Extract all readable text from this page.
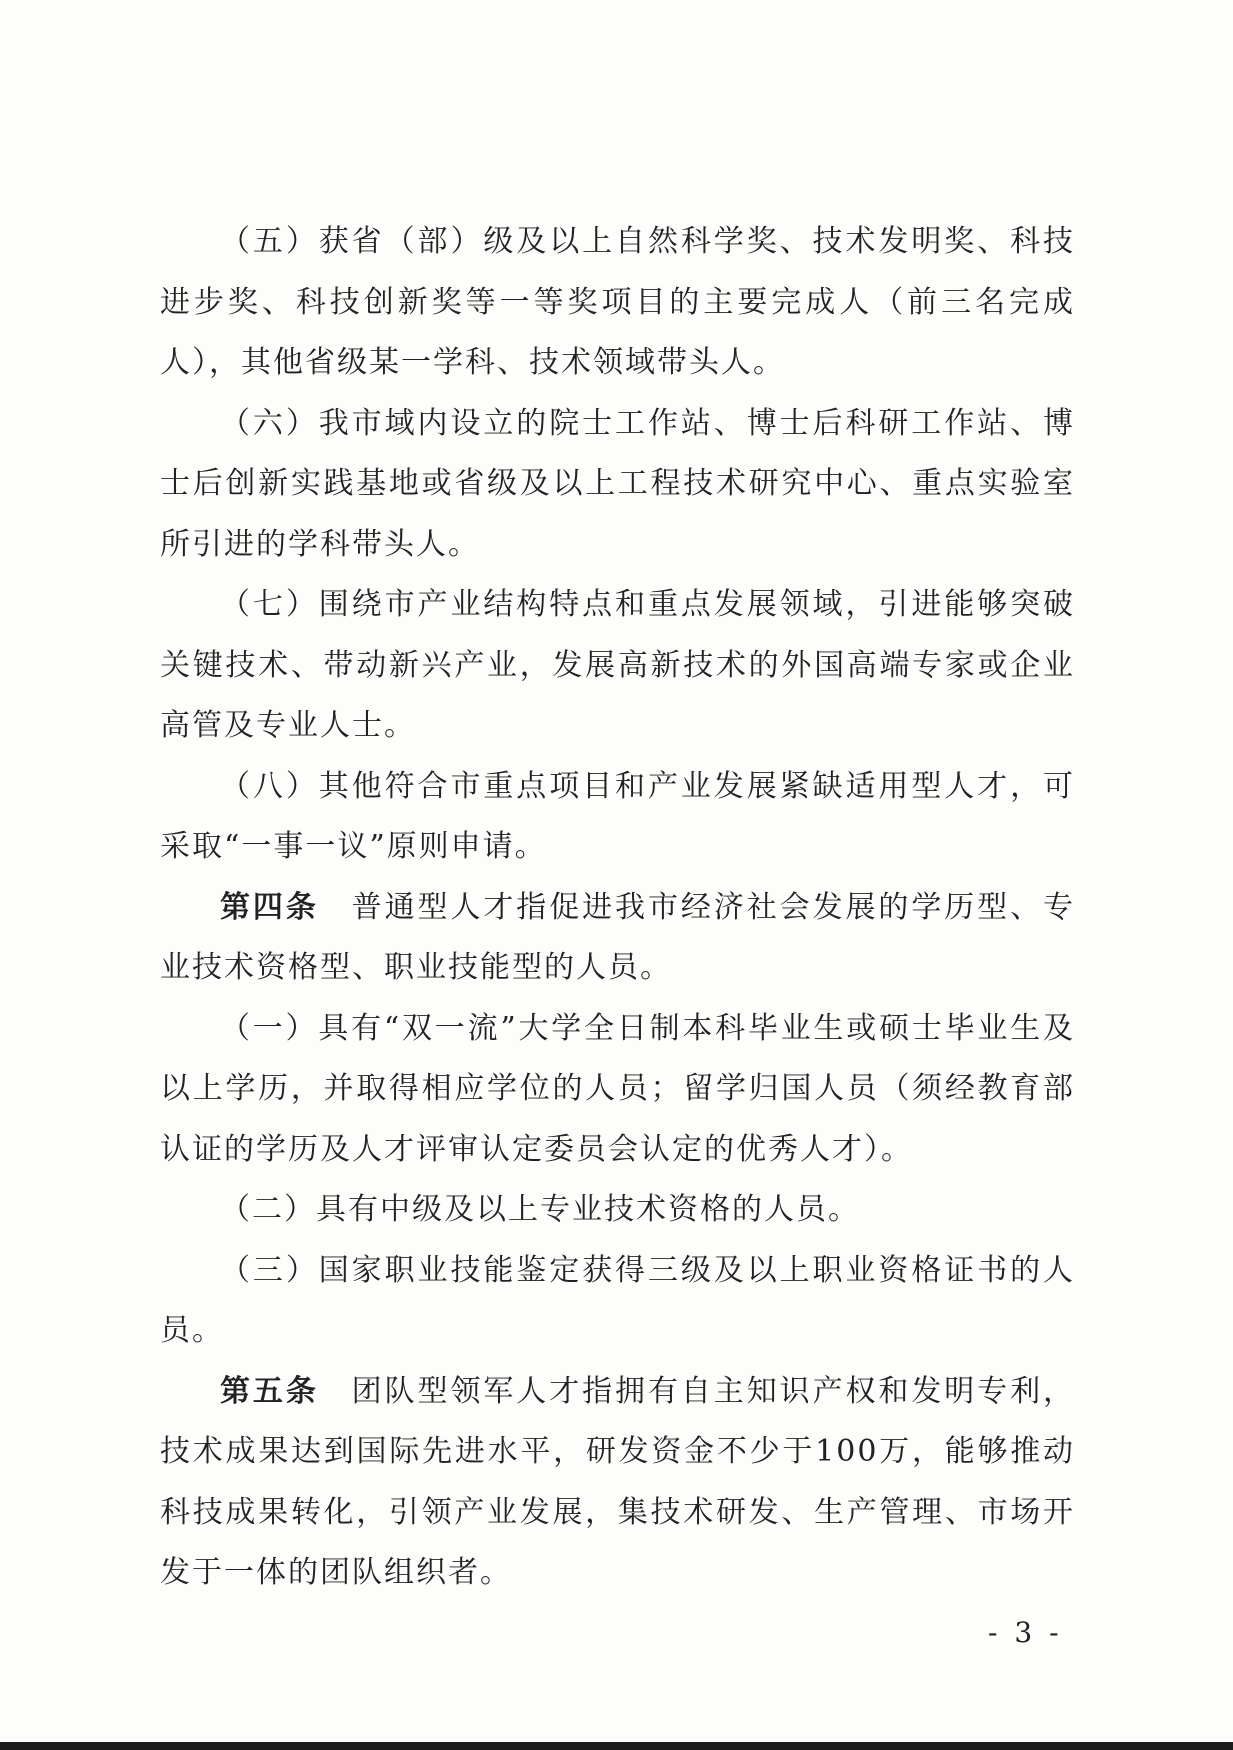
（五）获省（部）级及以上自然科学奖、技术发明奖、科技进步奖、科技创新奖等一等奖项目的主要完成人（前三名完成人），其他省级某一学科、技术领域带头人。

（六）我市域内设立的院士工作站、博士后科研工作站、博士后创新实践基地或省级及以上工程技术研究中心、重点实验室所引进的学科带头人。

（七）围绕市产业结构特点和重点发展领域，引进能够突破关键技术、带动新兴产业，发展高新技术的外国高端专家或企业高管及专业人士。

（八）其他符合市重点项目和产业发展紧缺适用型人才，可采取“一事一议”原则申请。

第四条　普通型人才指促进我市经济社会发展的学历型、专业技术资格型、职业技能型的人员。

（一）具有“双一流”大学全日制本科毕业生或硕士毕业生及以上学历，并取得相应学位的人员；留学归国人员（须经教育部认证的学历及人才评审认定委员会认定的优秀人才）。

（二）具有中级及以上专业技术资格的人员。

（三）国家职业技能鉴定获得三级及以上职业资格证书的人员。

第五条　团队型领军人才指拥有自主知识产权和发明专利，技术成果达到国际先进水平，研发资金不少于100万，能够推动科技成果转化，引领产业发展，集技术研发、生产管理、市场开发于一体的团队组织者。

- 3 -
